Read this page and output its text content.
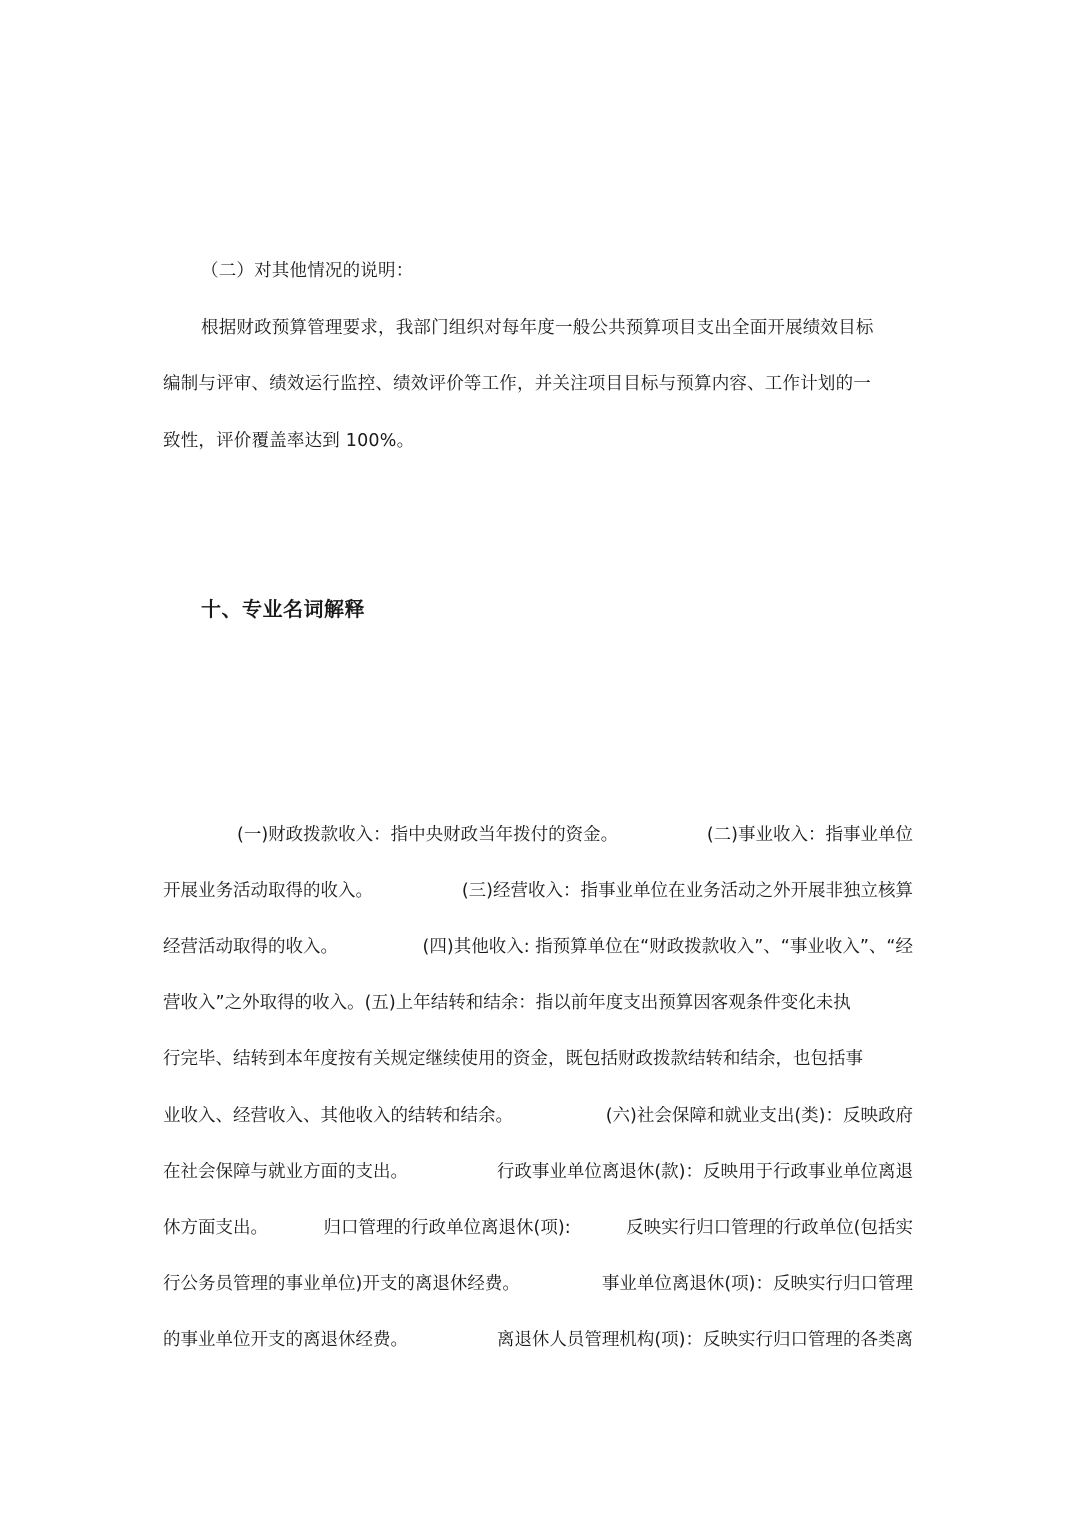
（二）对其他情况的说明：
根据财政预算管理要求，我部门组织对每年度一般公共预算项目支出全面开展绩效目标
编制与评审、绩效运行监控、绩效评价等工作，并关注项目目标与预算内容、工作计划的一
致性，评价覆盖率达到 100%。
十、专业名词解释
(一)财政拨款收入：指中央财政当年拨付的资金。	(二)事业收入：指事业单位
开展业务活动取得的收入。	(三)经营收入：指事业单位在业务活动之外开展非独立核算
经营活动取得的收入。	(四)其他收入: 指预算单位在“财政拨款收入”、“事业收入”、“经
营收入”之外取得的收入。(五)上年结转和结余：指以前年度支出预算因客观条件变化未执
行完毕、结转到本年度按有关规定继续使用的资金，既包括财政拨款结转和结余，也包括事
业收入、经营收入、其他收入的结转和结余。	(六)社会保障和就业支出(类)：反映政府
在社会保障与就业方面的支出。	行政事业单位离退休(款)：反映用于行政事业单位离退
休方面支出。	归口管理的行政单位离退休(项):	反映实行归口管理的行政单位(包括实
行公务员管理的事业单位)开支的离退休经费。	事业单位离退休(项)：反映实行归口管理
的事业单位开支的离退休经费。	离退休人员管理机构(项)：反映实行归口管理的各类离
